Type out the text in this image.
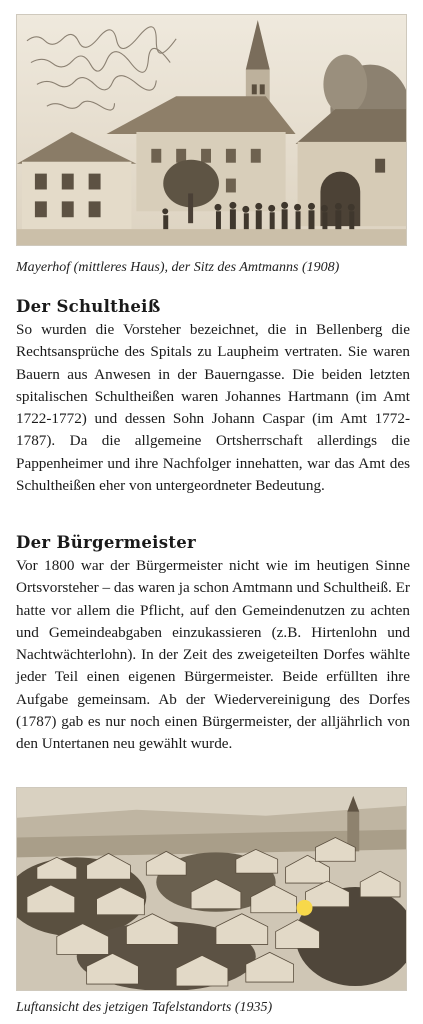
Mayerhof (mittleres Haus), der Sitz des Amtmanns (1908)
Der Schultheiß

So wurden die Vorsteher bezeichnet, die in Bellenberg die Rechtsansprüche des Spitals zu Laupheim vertraten. Sie waren Bauern aus Anwesen in der Bauerngasse. Die beiden letzten spitalischen Schultheißen waren Johannes Hartmann (im Amt 1722-1772) und dessen Sohn Johann Caspar (im Amt 1772-1787). Da die allgemeine Ortsherrschaft allerdings die Pappenheimer und ihre Nachfolger innehatten, war das Amt des Schultheißen eher von untergeordneter Bedeutung.

Der Bürgermeister

Vor 1800 war der Bürgermeister nicht wie im heutigen Sinne Ortsvorsteher – das waren ja schon Amtmann und Schultheiß. Er hatte vor allem die Pflicht, auf den Gemeindenutzen zu achten und Gemeindeabgaben einzukassieren (z.B. Hirtenlohn und Nachtwächterlohn). In der Zeit des zweigeteilten Dorfes wählte jeder Teil einen eigenen Bürgermeister. Beide erfüllten ihre Aufgabe gemeinsam. Ab der Wiedervereinigung des Dorfes (1787) gab es nur noch einen Bürgermeister, der alljährlich von den Untertanen neu gewählt wurde.

Luftansicht des jetzigen Tafelstandorts (1935)
